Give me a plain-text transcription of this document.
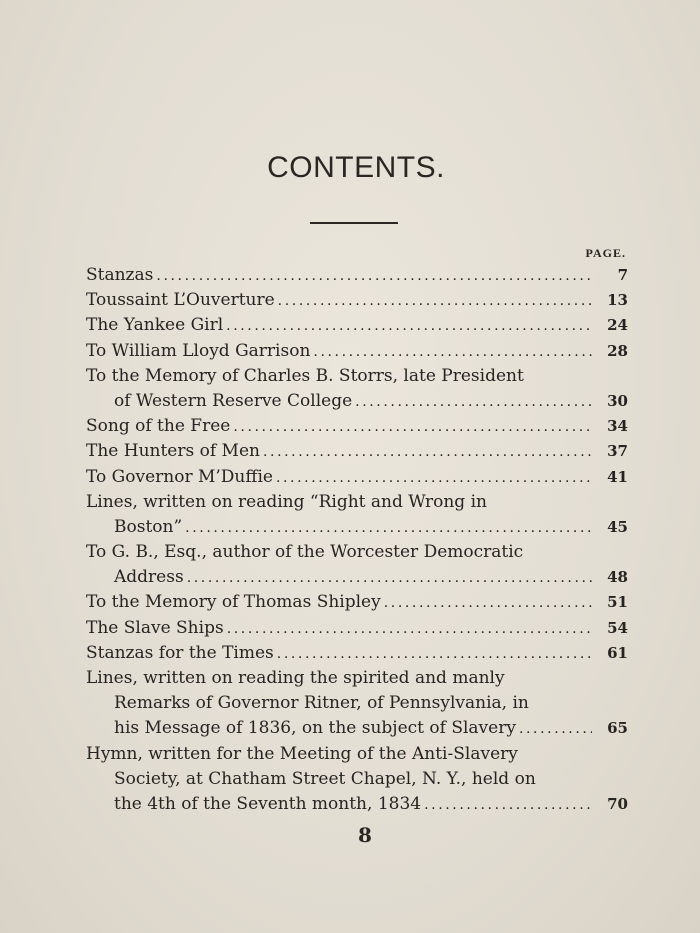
CONTENTS.
PAGE.
Stanzas .....	7
Toussaint L’Ouverture .....	13
The Yankee Girl .....	24
To William Lloyd Garrison .....	28
To the Memory of Charles B. Storrs, late President
of Western Reserve College .....	30
Song of the Free .....	34
The Hunters of Men .....	37
To Governor M’Duffie .....	41
Lines, written on reading “Right and Wrong in
Boston” .....	45
To G. B., Esq., author of the Worcester Democratic
Address .....	48
To the Memory of Thomas Shipley .....	51
The Slave Ships .....	54
Stanzas for the Times .....	61
Lines, written on reading the spirited and manly
Remarks of Governor Ritner, of Pennsylvania, in
his Message of 1836, on the subject of Slavery .....	65
Hymn, written for the Meeting of the Anti-Slavery
Society, at Chatham Street Chapel, N. Y., held on
the 4th of the Seventh month, 1834 .....	70
8
